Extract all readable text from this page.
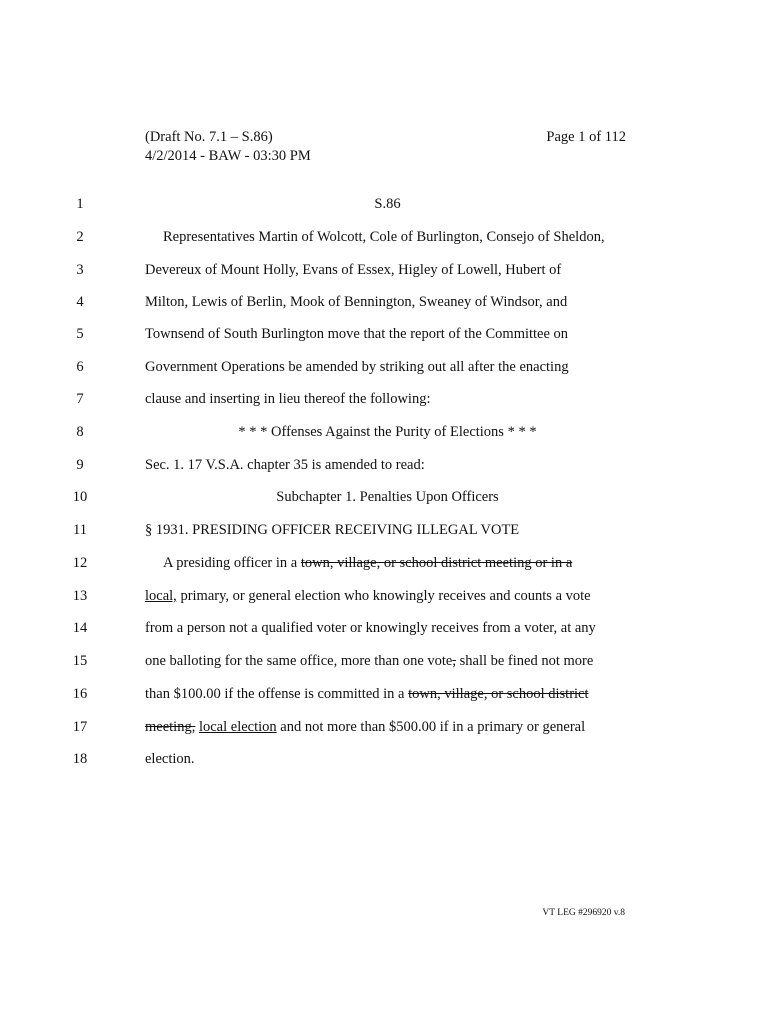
(Draft No. 7.1 – S.86)
4/2/2014 - BAW - 03:30 PM
Page 1 of 112
1	S.86
2	Representatives Martin of Wolcott, Cole of Burlington, Consejo of Sheldon,
3	Devereux of Mount Holly, Evans of Essex, Higley of Lowell, Hubert of
4	Milton, Lewis of Berlin, Mook of Bennington, Sweaney of Windsor, and
5	Townsend of South Burlington move that the report of the Committee on
6	Government Operations be amended by striking out all after the enacting
7	clause and inserting in lieu thereof the following:
8	* * * Offenses Against the Purity of Elections * * *
9	Sec. 1. 17 V.S.A. chapter 35 is amended to read:
10	Subchapter 1. Penalties Upon Officers
11	§ 1931. PRESIDING OFFICER RECEIVING ILLEGAL VOTE
12	A presiding officer in a town, village, or school district meeting or in a
13	local, primary, or general election who knowingly receives and counts a vote
14	from a person not a qualified voter or knowingly receives from a voter, at any
15	one balloting for the same office, more than one vote, shall be fined not more
16	than $100.00 if the offense is committed in a town, village, or school district
17	meeting, local election and not more than $500.00 if in a primary or general
18	election.
VT LEG #296920 v.8
